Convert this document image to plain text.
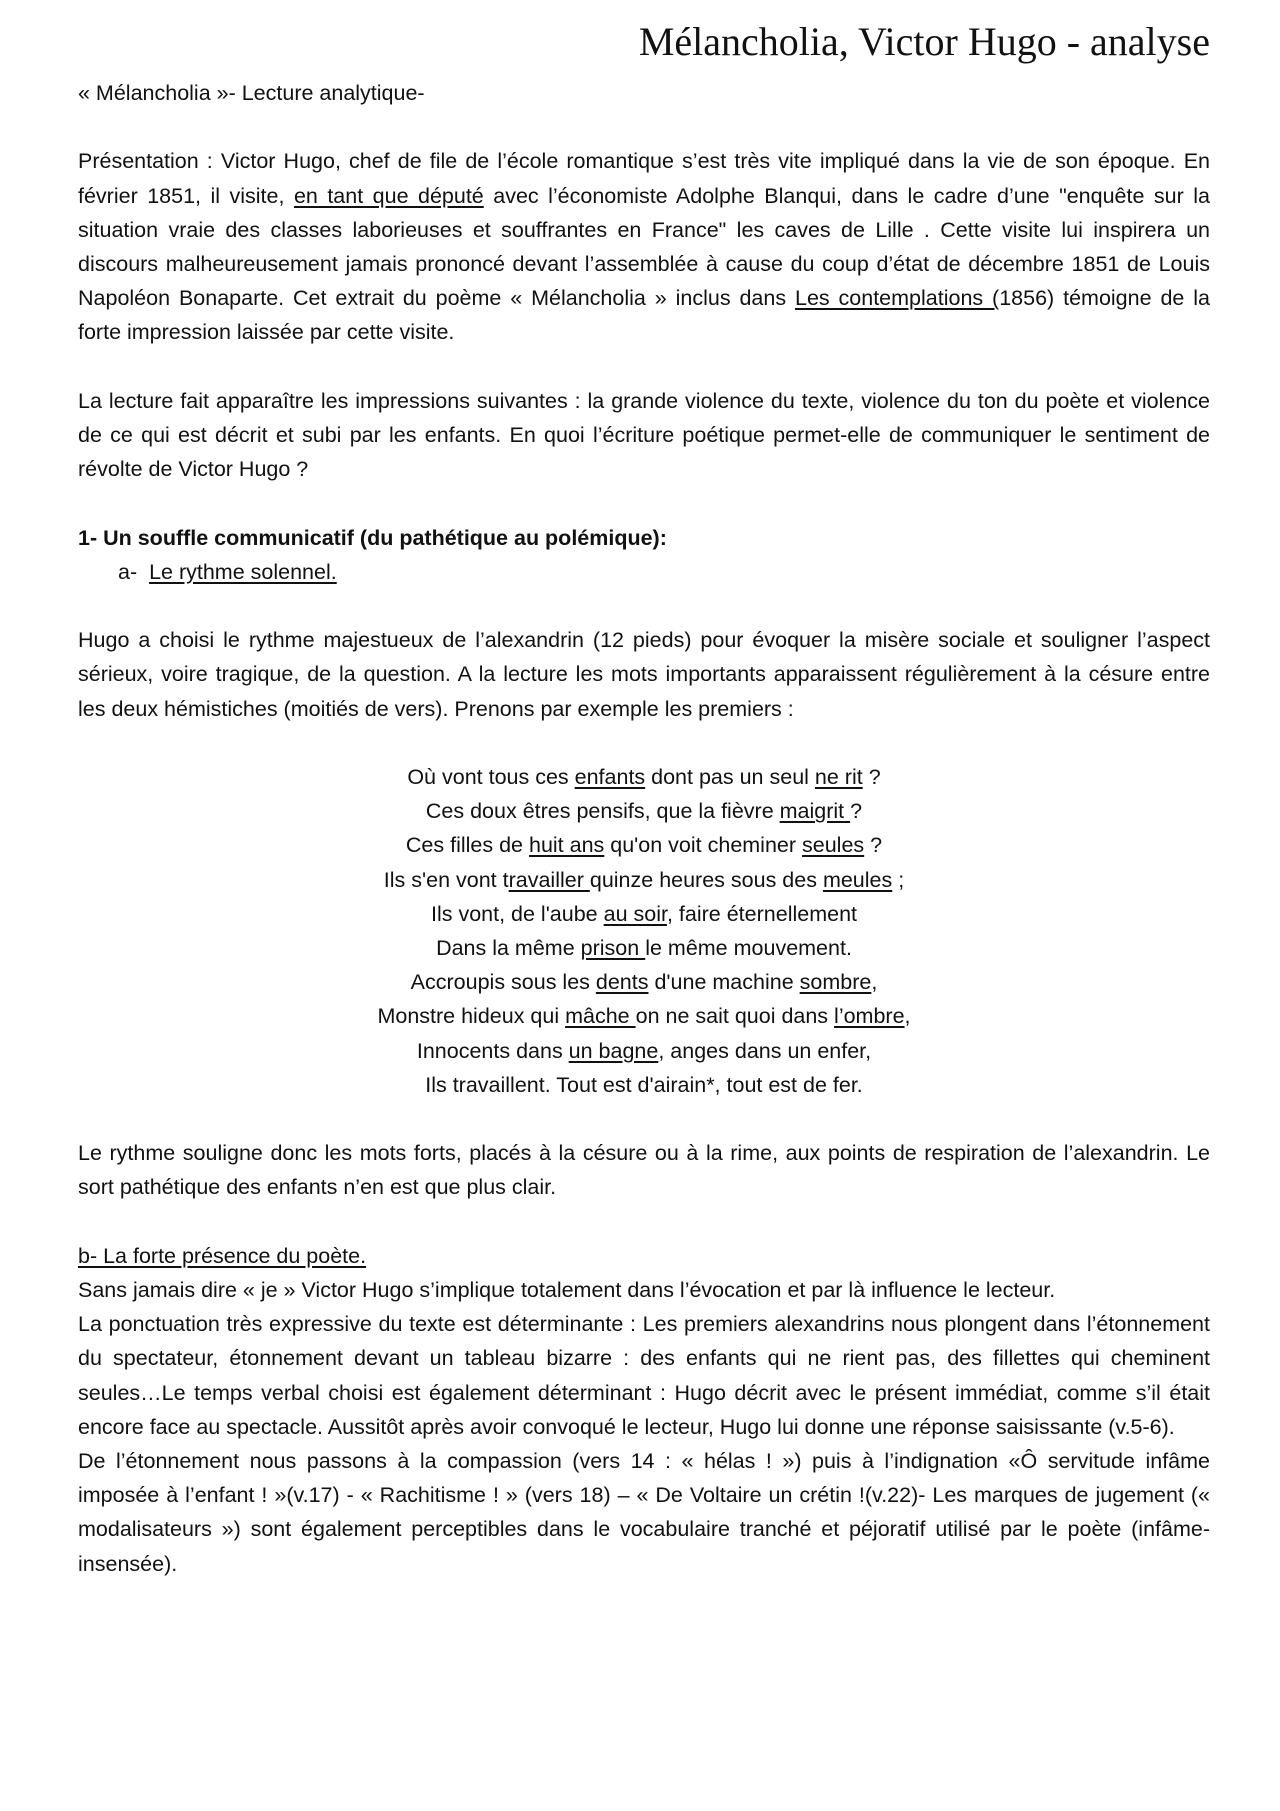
Mélancholia, Victor Hugo - analyse

« Mélancholia »- Lecture analytique-

Présentation : Victor Hugo, chef de file de l’école romantique s’est très vite impliqué dans la vie de son époque. En février 1851, il visite, en tant que député avec l’économiste Adolphe Blanqui, dans le cadre d’une "enquête sur la situation vraie des classes laborieuses et souffrantes en France" les caves de Lille . Cette visite lui inspirera un discours malheureusement jamais prononcé devant l’assemblée à cause du coup d’état de décembre 1851 de Louis Napoléon Bonaparte. Cet extrait du poème « Mélancholia » inclus dans Les contemplations (1856) témoigne de la forte impression laissée par cette visite.

La lecture fait apparaître les impressions suivantes : la grande violence du texte, violence du ton du poète et violence de ce qui est décrit et subi par les enfants. En quoi l’écriture poétique permet-elle de communiquer le sentiment de révolte de Victor Hugo ?

1- Un souffle communicatif (du pathétique au polémique):

a- Le rythme solennel.

Hugo a choisi le rythme majestueux de l’alexandrin (12 pieds) pour évoquer la misère sociale et souligner l’aspect sérieux, voire tragique, de la question. A la lecture les mots importants apparaissent régulièrement à la césure entre les deux hémistiches (moitiés de vers). Prenons par exemple les premiers :

Où vont tous ces enfants dont pas un seul ne rit ?
Ces doux êtres pensifs, que la fièvre maigrit ?
Ces filles de huit ans qu'on voit cheminer seules ?
Ils s'en vont travailler quinze heures sous des meules ;
Ils vont, de l'aube au soir, faire éternellement
Dans la même prison le même mouvement.
Accroupis sous les dents d'une machine sombre,
Monstre hideux qui mâche on ne sait quoi dans l’ombre,
Innocents dans un bagne, anges dans un enfer,
Ils travaillent. Tout est d'airain*, tout est de fer.

Le rythme souligne donc les mots forts, placés à la césure ou à la rime, aux points de respiration de l’alexandrin. Le sort pathétique des enfants n’en est que plus clair.

b- La forte présence du poète.

Sans jamais dire « je » Victor Hugo s’implique totalement dans l’évocation et par là influence le lecteur.

La ponctuation très expressive du texte est déterminante : Les premiers alexandrins nous plongent dans l’étonnement du spectateur, étonnement devant un tableau bizarre : des enfants qui ne rient pas, des fillettes qui cheminent seules…Le temps verbal choisi est également déterminant : Hugo décrit avec le présent immédiat, comme s’il était encore face au spectacle. Aussitôt après avoir convoqué le lecteur, Hugo lui donne une réponse saisissante (v.5-6).

De l’étonnement nous passons à la compassion (vers 14 : « hélas ! ») puis à l’indignation «Ô servitude infâme imposée à l’enfant ! »(v.17) - « Rachitisme ! » (vers 18) – « De Voltaire un crétin !(v.22)- Les marques de jugement (« modalisateurs ») sont également perceptibles dans le vocabulaire tranché et péjoratif utilisé par le poète (infâme-insensée).
